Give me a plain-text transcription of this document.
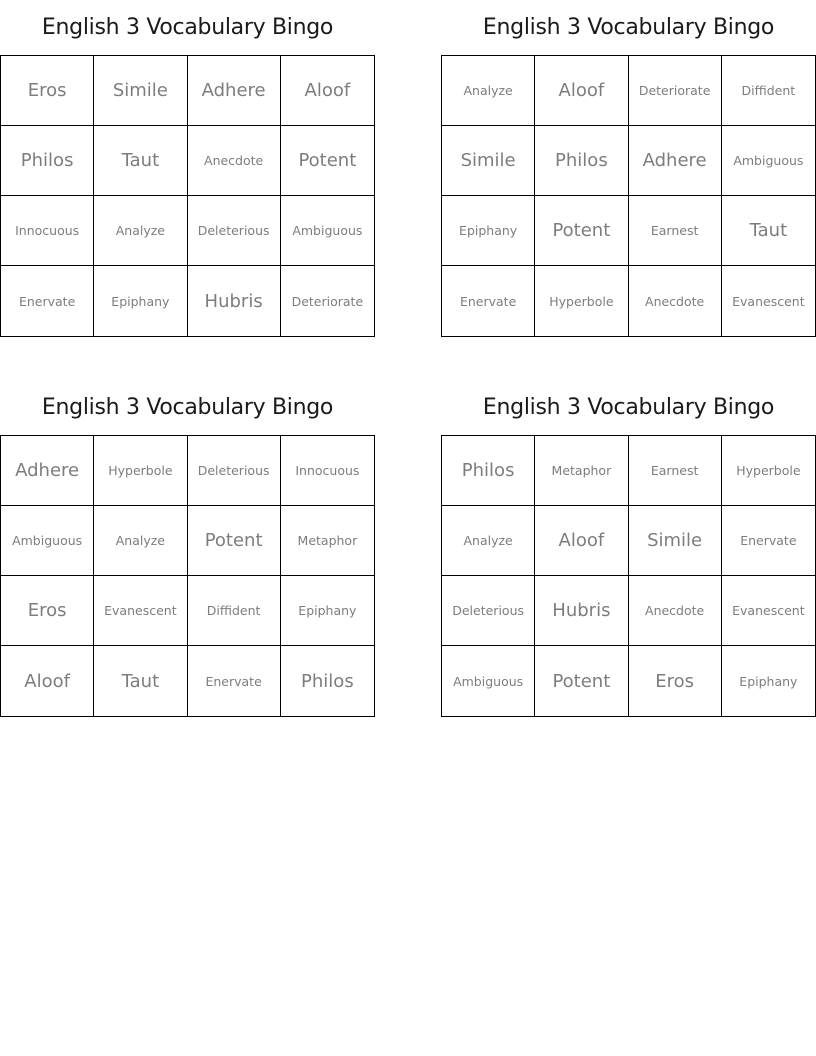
English 3 Vocabulary Bingo
Eros	Simile	Adhere	Aloof
Philos	Taut	Anecdote	Potent
Innocuous	Analyze	Deleterious	Ambiguous
Enervate	Epiphany	Hubris	Deteriorate
English 3 Vocabulary Bingo
Analyze	Aloof	Deteriorate	Diffident
Simile	Philos	Adhere	Ambiguous
Epiphany	Potent	Earnest	Taut
Enervate	Hyperbole	Anecdote	Evanescent
English 3 Vocabulary Bingo
Adhere	Hyperbole	Deleterious	Innocuous
Ambiguous	Analyze	Potent	Metaphor
Eros	Evanescent	Diffident	Epiphany
Aloof	Taut	Enervate	Philos
English 3 Vocabulary Bingo
Philos	Metaphor	Earnest	Hyperbole
Analyze	Aloof	Simile	Enervate
Deleterious	Hubris	Anecdote	Evanescent
Ambiguous	Potent	Eros	Epiphany
